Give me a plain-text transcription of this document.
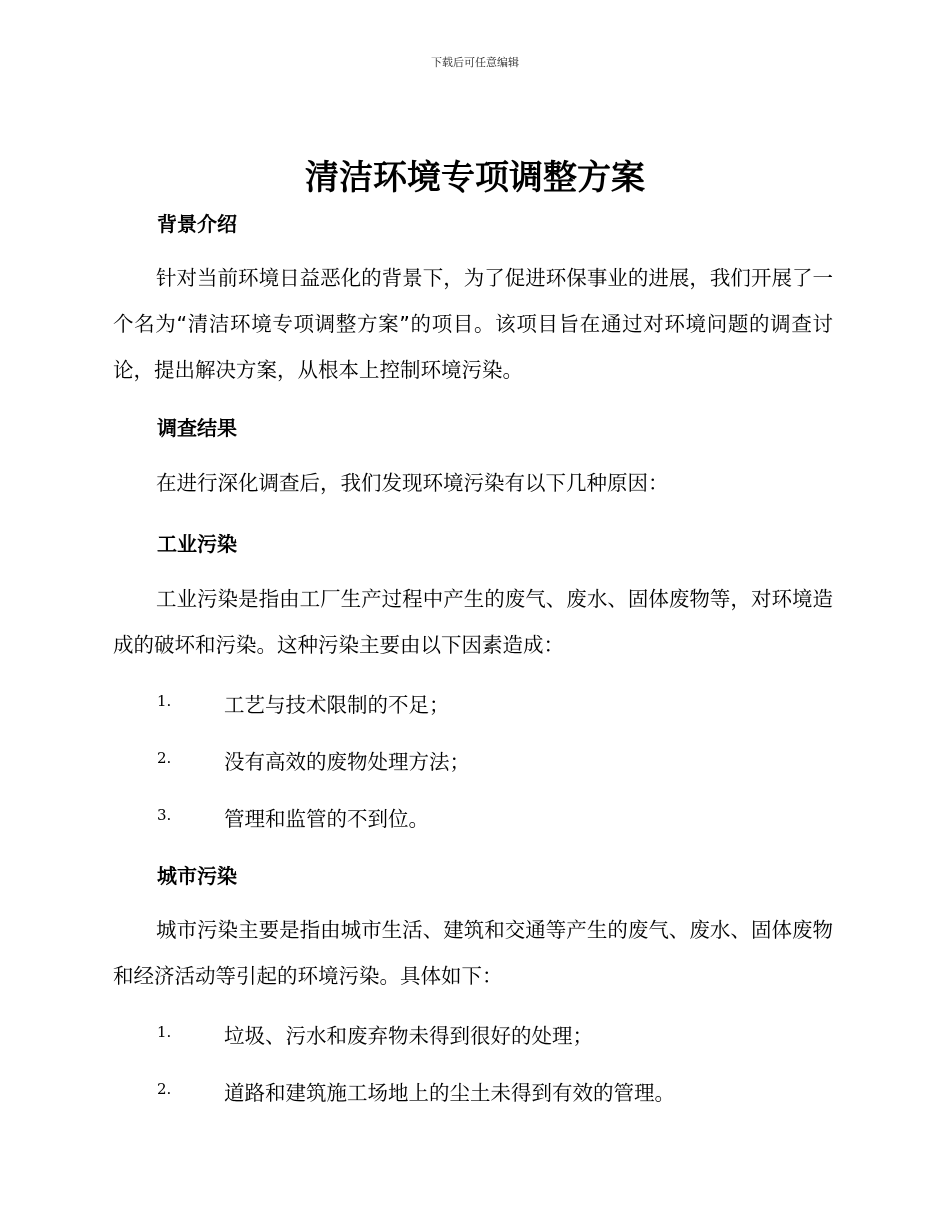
下载后可任意编辑
清洁环境专项调整方案
背景介绍

针对当前环境日益恶化的背景下，为了促进环保事业的进展，我们开展了一个名为“清洁环境专项调整方案”的项目。该项目旨在通过对环境问题的调查讨论，提出解决方案，从根本上控制环境污染。

调查结果

在进行深化调查后，我们发现环境污染有以下几种原因：

工业污染

工业污染是指由工厂生产过程中产生的废气、废水、固体废物等，对环境造成的破坏和污染。这种污染主要由以下因素造成：

1.	工艺与技术限制的不足；
2.	没有高效的废物处理方法；
3.	管理和监管的不到位。
城市污染

城市污染主要是指由城市生活、建筑和交通等产生的废气、废水、固体废物和经济活动等引起的环境污染。具体如下：

1.	垃圾、污水和废弃物未得到很好的处理；
2.	道路和建筑施工场地上的尘土未得到有效的管理。
